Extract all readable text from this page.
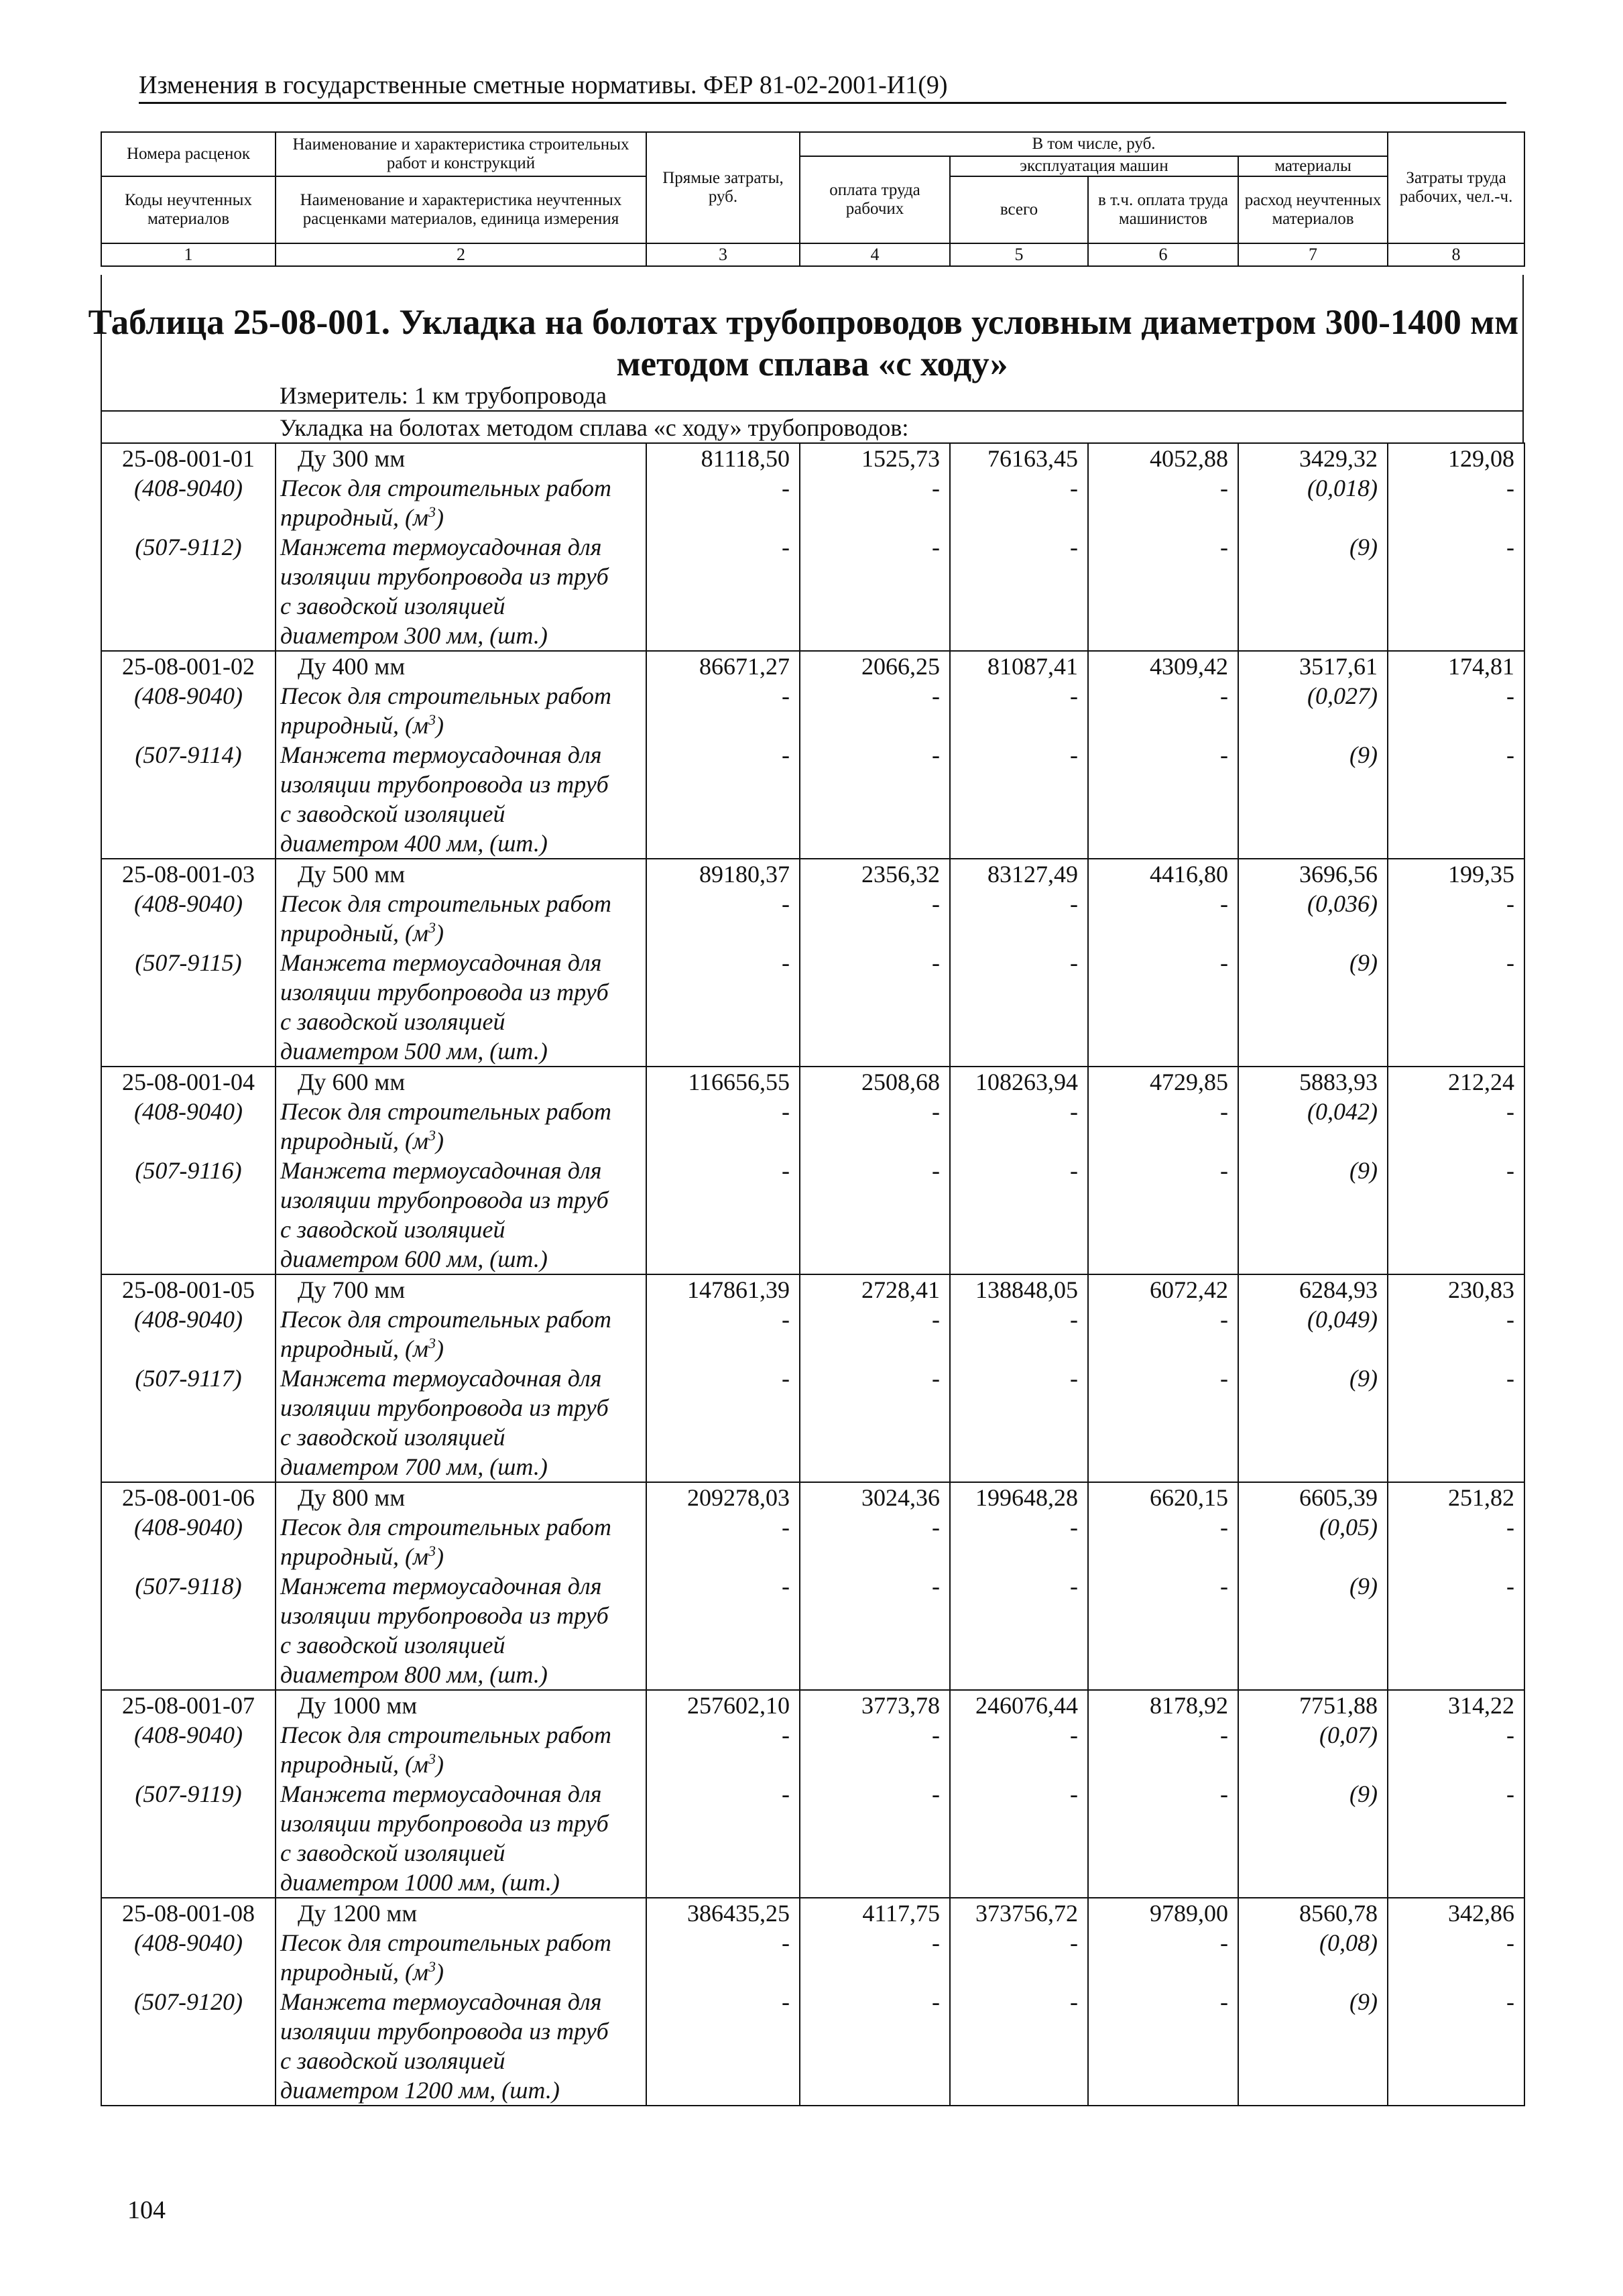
Изменения в государственные сметные нормативы. ФЕР 81-02-2001-И1(9)
Номера расценок	Наименование и характеристика строительных работ и конструкций	Прямые затраты, руб.	В том числе, руб.				Затраты труда рабочих, чел.-ч.
			оплата труда рабочих	эксплуатация машин		материалы	
Коды неучтенных материалов	Наименование и характеристика неучтенных расценками материалов, единица измерения			всего	в т.ч. оплата труда машинистов	расход неучтенных материалов	

1	2	3	4	5	6	7	8
Таблица 25-08-001. Укладка на болотах трубопроводов условным диаметром 300-1400 мм
методом сплава «с ходу»
Измеритель: 1 км трубопровода
Укладка на болотах методом сплава «с ходу» трубопроводов:
25-08-001-01	Ду 300 мм	81118,50	1525,73	76163,45	4052,88	3429,32	129,08
(408-9040)	Песок для строительных работ	-	-	-	-	(0,018)	-
	природный, $(м^3)$						
(507-9112)	Манжета термоусадочная для	-	-	-	-	(9)	-
	изоляции трубопровода из труб						
	с заводской изоляцией						
	диаметром 300 мм, (шт.)						
25-08-001-02	Ду 400 мм	86671,27	2066,25	81087,41	4309,42	3517,61	174,81
(408-9040)	Песок для строительных работ	-	-	-	-	(0,027)	-
	природный, $(м^3)$						
(507-9114)	Манжета термоусадочная для	-	-	-	-	(9)	-
	изоляции трубопровода из труб						
	с заводской изоляцией						
	диаметром 400 мм, (шт.)						
25-08-001-03	Ду 500 мм	89180,37	2356,32	83127,49	4416,80	3696,56	199,35
(408-9040)	Песок для строительных работ	-	-	-	-	(0,036)	-
	природный, $(м^3)$						
(507-9115)	Манжета термоусадочная для	-	-	-	-	(9)	-
	изоляции трубопровода из труб						
	с заводской изоляцией						
	диаметром 500 мм, (шт.)						
25-08-001-04	Ду 600 мм	116656,55	2508,68	108263,94	4729,85	5883,93	212,24
(408-9040)	Песок для строительных работ	-	-	-	-	(0,042)	-
	природный, $(м^3)$						
(507-9116)	Манжета термоусадочная для	-	-	-	-	(9)	-
	изоляции трубопровода из труб						
	с заводской изоляцией						
	диаметром 600 мм, (шт.)						
25-08-001-05	Ду 700 мм	147861,39	2728,41	138848,05	6072,42	6284,93	230,83
(408-9040)	Песок для строительных работ	-	-	-	-	(0,049)	-
	природный, $(м^3)$						
(507-9117)	Манжета термоусадочная для	-	-	-	-	(9)	-
	изоляции трубопровода из труб						
	с заводской изоляцией						
	диаметром 700 мм, (шт.)						
25-08-001-06	Ду 800 мм	209278,03	3024,36	199648,28	6620,15	6605,39	251,82
(408-9040)	Песок для строительных работ	-	-	-	-	(0,05)	-
	природный, $(м^3)$						
(507-9118)	Манжета термоусадочная для	-	-	-	-	(9)	-
	изоляции трубопровода из труб						
	с заводской изоляцией						
	диаметром 800 мм, (шт.)						
25-08-001-07	Ду 1000 мм	257602,10	3773,78	246076,44	8178,92	7751,88	314,22
(408-9040)	Песок для строительных работ	-	-	-	-	(0,07)	-
	природный, $(м^3)$						
(507-9119)	Манжета термоусадочная для	-	-	-	-	(9)	-
	изоляции трубопровода из труб						
	с заводской изоляцией						
	диаметром 1000 мм, (шт.)						
25-08-001-08	Ду 1200 мм	386435,25	4117,75	373756,72	9789,00	8560,78	342,86
(408-9040)	Песок для строительных работ	-	-	-	-	(0,08)	-
	природный, $(м^3)$						
(507-9120)	Манжета термоусадочная для	-	-	-	-	(9)	-
	изоляции трубопровода из труб						
	с заводской изоляцией						
	диаметром 1200 мм, (шт.)						
104
